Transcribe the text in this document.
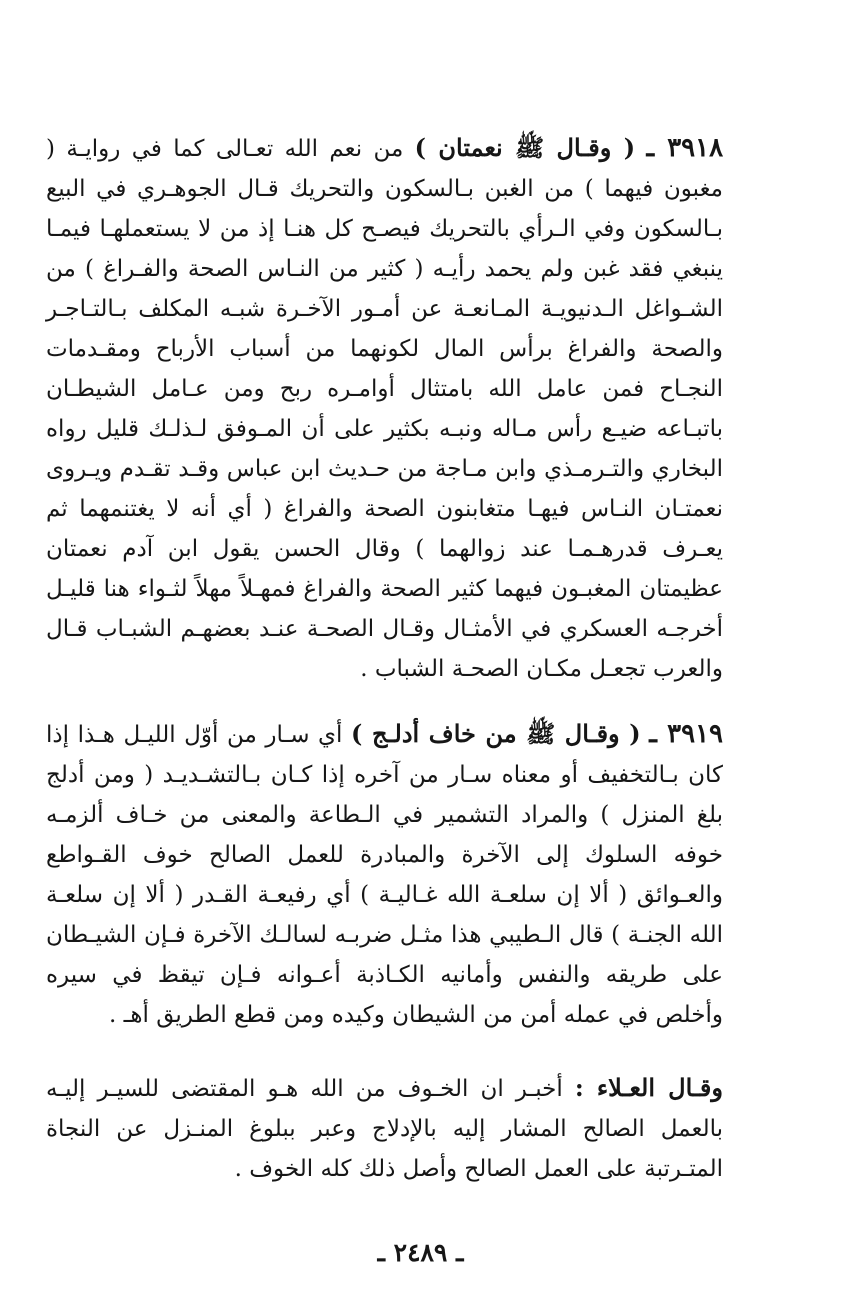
٣٩١٨ ـ ( وقـال ﷺ نعمتان ) من نعم الله تعـالى كما في روايـة ( مغبون فيهما ) من الغبن بـالسكون والتحريك قـال الجوهـري في البيع بـالسكون وفي الـرأي بالتحريك فيصـح كل هنـا إذ من لا يستعملهـا فيمـا ينبغي فقد غبن ولم يحمد رأيـه ( كثير من النـاس الصحة والفـراغ ) من الشـواغل الـدنيويـة المـانعـة عن أمـور الآخـرة شبـه المكلف بـالتـاجـر والصحة والفراغ برأس المال لكونهما من أسباب الأرباح ومقـدمات النجـاح فمن عامل الله بامتثال أوامـره ربح ومن عـامل الشيطـان باتبـاعه ضيـع رأس مـاله ونبـه بكثير على أن المـوفق لـذلـك قليل رواه البخاري والتـرمـذي وابن مـاجة من حـديث ابن عباس وقـد تقـدم ويـروى نعمتـان النـاس فيهـا متغابنون الصحة والفراغ ( أي أنه لا يغتنمهما ثم يعـرف قدرهـمـا عند زوالهما ) وقال الحسن يقول ابن آدم نعمتان عظيمتان المغبـون فيهما كثير الصحة والفراغ فمهـلاً مهلاً لثـواء هنا قليـل أخرجـه العسكري في الأمثـال وقـال الصحـة عنـد بعضهـم الشبـاب قـال والعرب تجعـل مكـان الصحـة الشباب .

٣٩١٩ ـ ( وقـال ﷺ من خاف أدلـج ) أي سـار من أوّل الليـل هـذا إذا كان بـالتخفيف أو معناه سـار من آخره إذا كـان بـالتشـديـد ( ومن أدلج بلغ المنزل ) والمراد التشمير في الـطاعة والمعنى من خـاف ألزمـه خوفه السلوك إلى الآخرة والمبادرة للعمل الصالح خوف القـواطع والعـوائق ( ألا إن سلعـة الله غـاليـة ) أي رفيعـة القـدر ( ألا إن سلعـة الله الجنـة ) قال الـطيبي هذا مثـل ضربـه لسالـك الآخرة فـإن الشيـطان على طريقه والنفس وأمانيه الكـاذبة أعـوانه فـإن تيقظ في سيره وأخلص في عمله أمن من الشيطان وكيده ومن قطع الطريق أهـ .

وقـال العـلاء : أخبـر ان الخـوف من الله هـو المقتضى للسيـر إليـه بالعمل الصالح المشار إليه بالإدلاج وعبر ببلوغ المنـزل عن النجاة المتـرتبة على العمل الصالح وأصل ذلك كله الخوف .

ـ ٢٤٨٩ ـ
